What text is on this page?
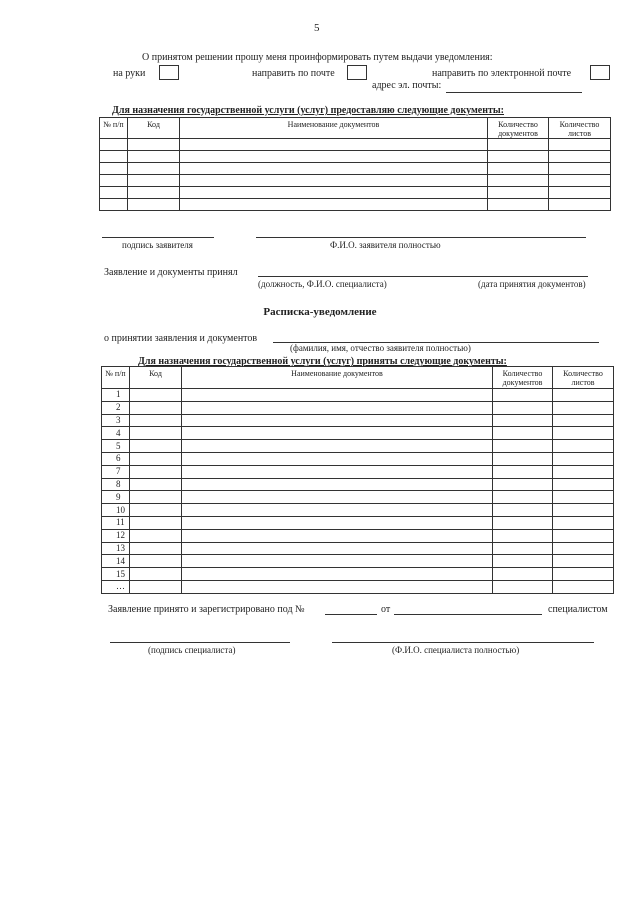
5
О принятом решении прошу меня проинформировать путем выдачи уведомления:
на руки	направить по почте	направить по электронной почте
адрес эл. почты:
Для назначения государственной услуги (услуг) предоставляю следующие документы:
№ п/п	Код	Наименование документов	Количество документов	Количество листов

подпись заявителя	Ф.И.О. заявителя полностью
Заявление и документы принял
(должность, Ф.И.О. специалиста)	(дата принятия документов)
Расписка-уведомление
о принятии заявления и документов
(фамилия, имя, отчество заявителя полностью)
Для назначения государственной услуги (услуг) приняты следующие документы:
№ п/п	Код	Наименование документов	Количество документов	Количество листов
1				
2				
3				
4				
5				
6				
7				
8				
9				
10				
11				
12				
13				
14				
15				
…				
Заявление принято и зарегистрировано под №	от	специалистом
(подпись специалиста)	(Ф.И.О. специалиста полностью)
